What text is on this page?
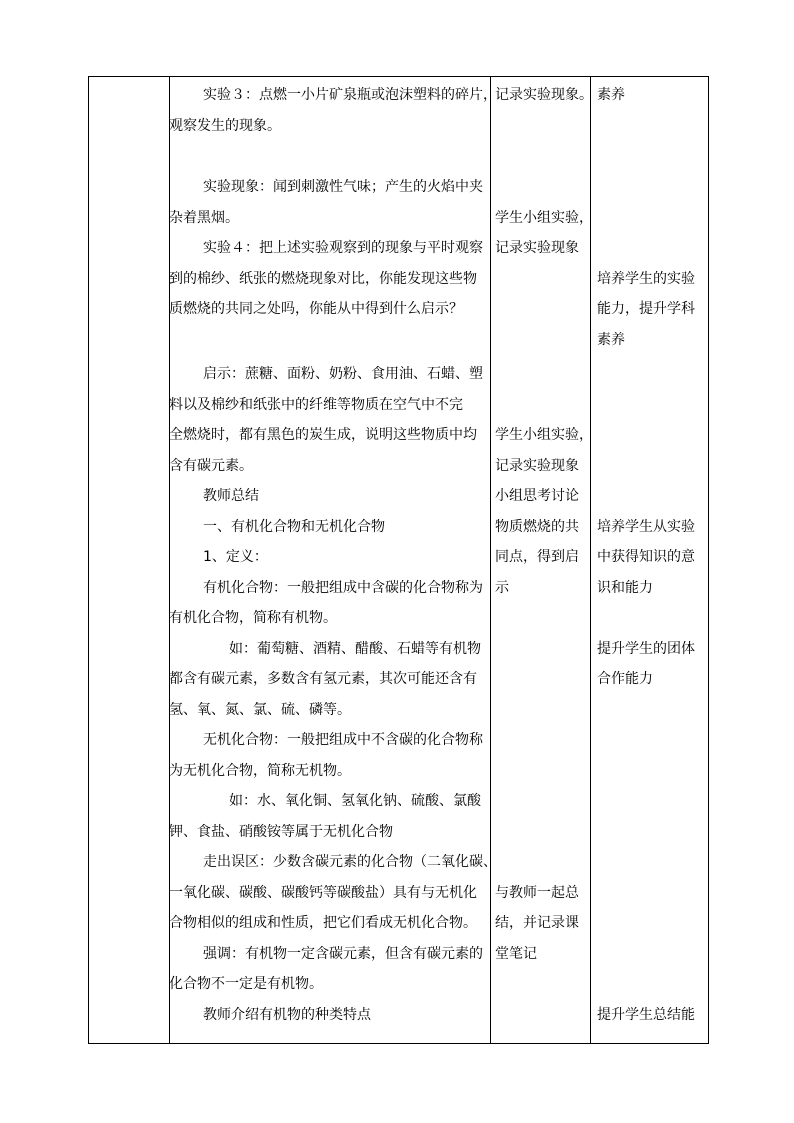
实验３：点燃一小片矿泉瓶或泡沫塑料的碎片，
观察发生的现象。
实验现象：闻到刺激性气味；产生的火焰中夹
杂着黑烟。
实验４：把上述实验观察到的现象与平时观察
到的棉纱、纸张的燃烧现象对比，你能发现这些物
质燃烧的共同之处吗，你能从中得到什么启示？
启示：蔗糖、面粉、奶粉、食用油、石蜡、塑
料以及棉纱和纸张中的纤维等物质在空气中不完
全燃烧时，都有黑色的炭生成，说明这些物质中均
含有碳元素。
教师总结
一、有机化合物和无机化合物
1、定义：
有机化合物：一般把组成中含碳的化合物称为
有机化合物，简称有机物。
如：葡萄糖、酒精、醋酸、石蜡等有机物
都含有碳元素，多数含有氢元素，其次可能还含有
氢、氧、氮、氯、硫、磷等。
无机化合物：一般把组成中不含碳的化合物称
为无机化合物，简称无机物。
如：水、氧化铜、氢氧化钠、硫酸、氯酸
钾、食盐、硝酸铵等属于无机化合物
走出误区：少数含碳元素的化合物（二氧化碳、
一氧化碳、碳酸、碳酸钙等碳酸盐）具有与无机化
合物相似的组成和性质，把它们看成无机化合物。
强调：有机物一定含碳元素，但含有碳元素的
化合物不一定是有机物。
教师介绍有机物的种类特点
记录实验现象。
学生小组实验，
记录实验现象
学生小组实验，
记录实验现象
小组思考讨论
物质燃烧的共
同点，得到启
示
与教师一起总
结，并记录课
堂笔记
素养
培养学生的实验
能力，提升学科
素养
培养学生从实验
中获得知识的意
识和能力
提升学生的团体
合作能力
提升学生总结能
